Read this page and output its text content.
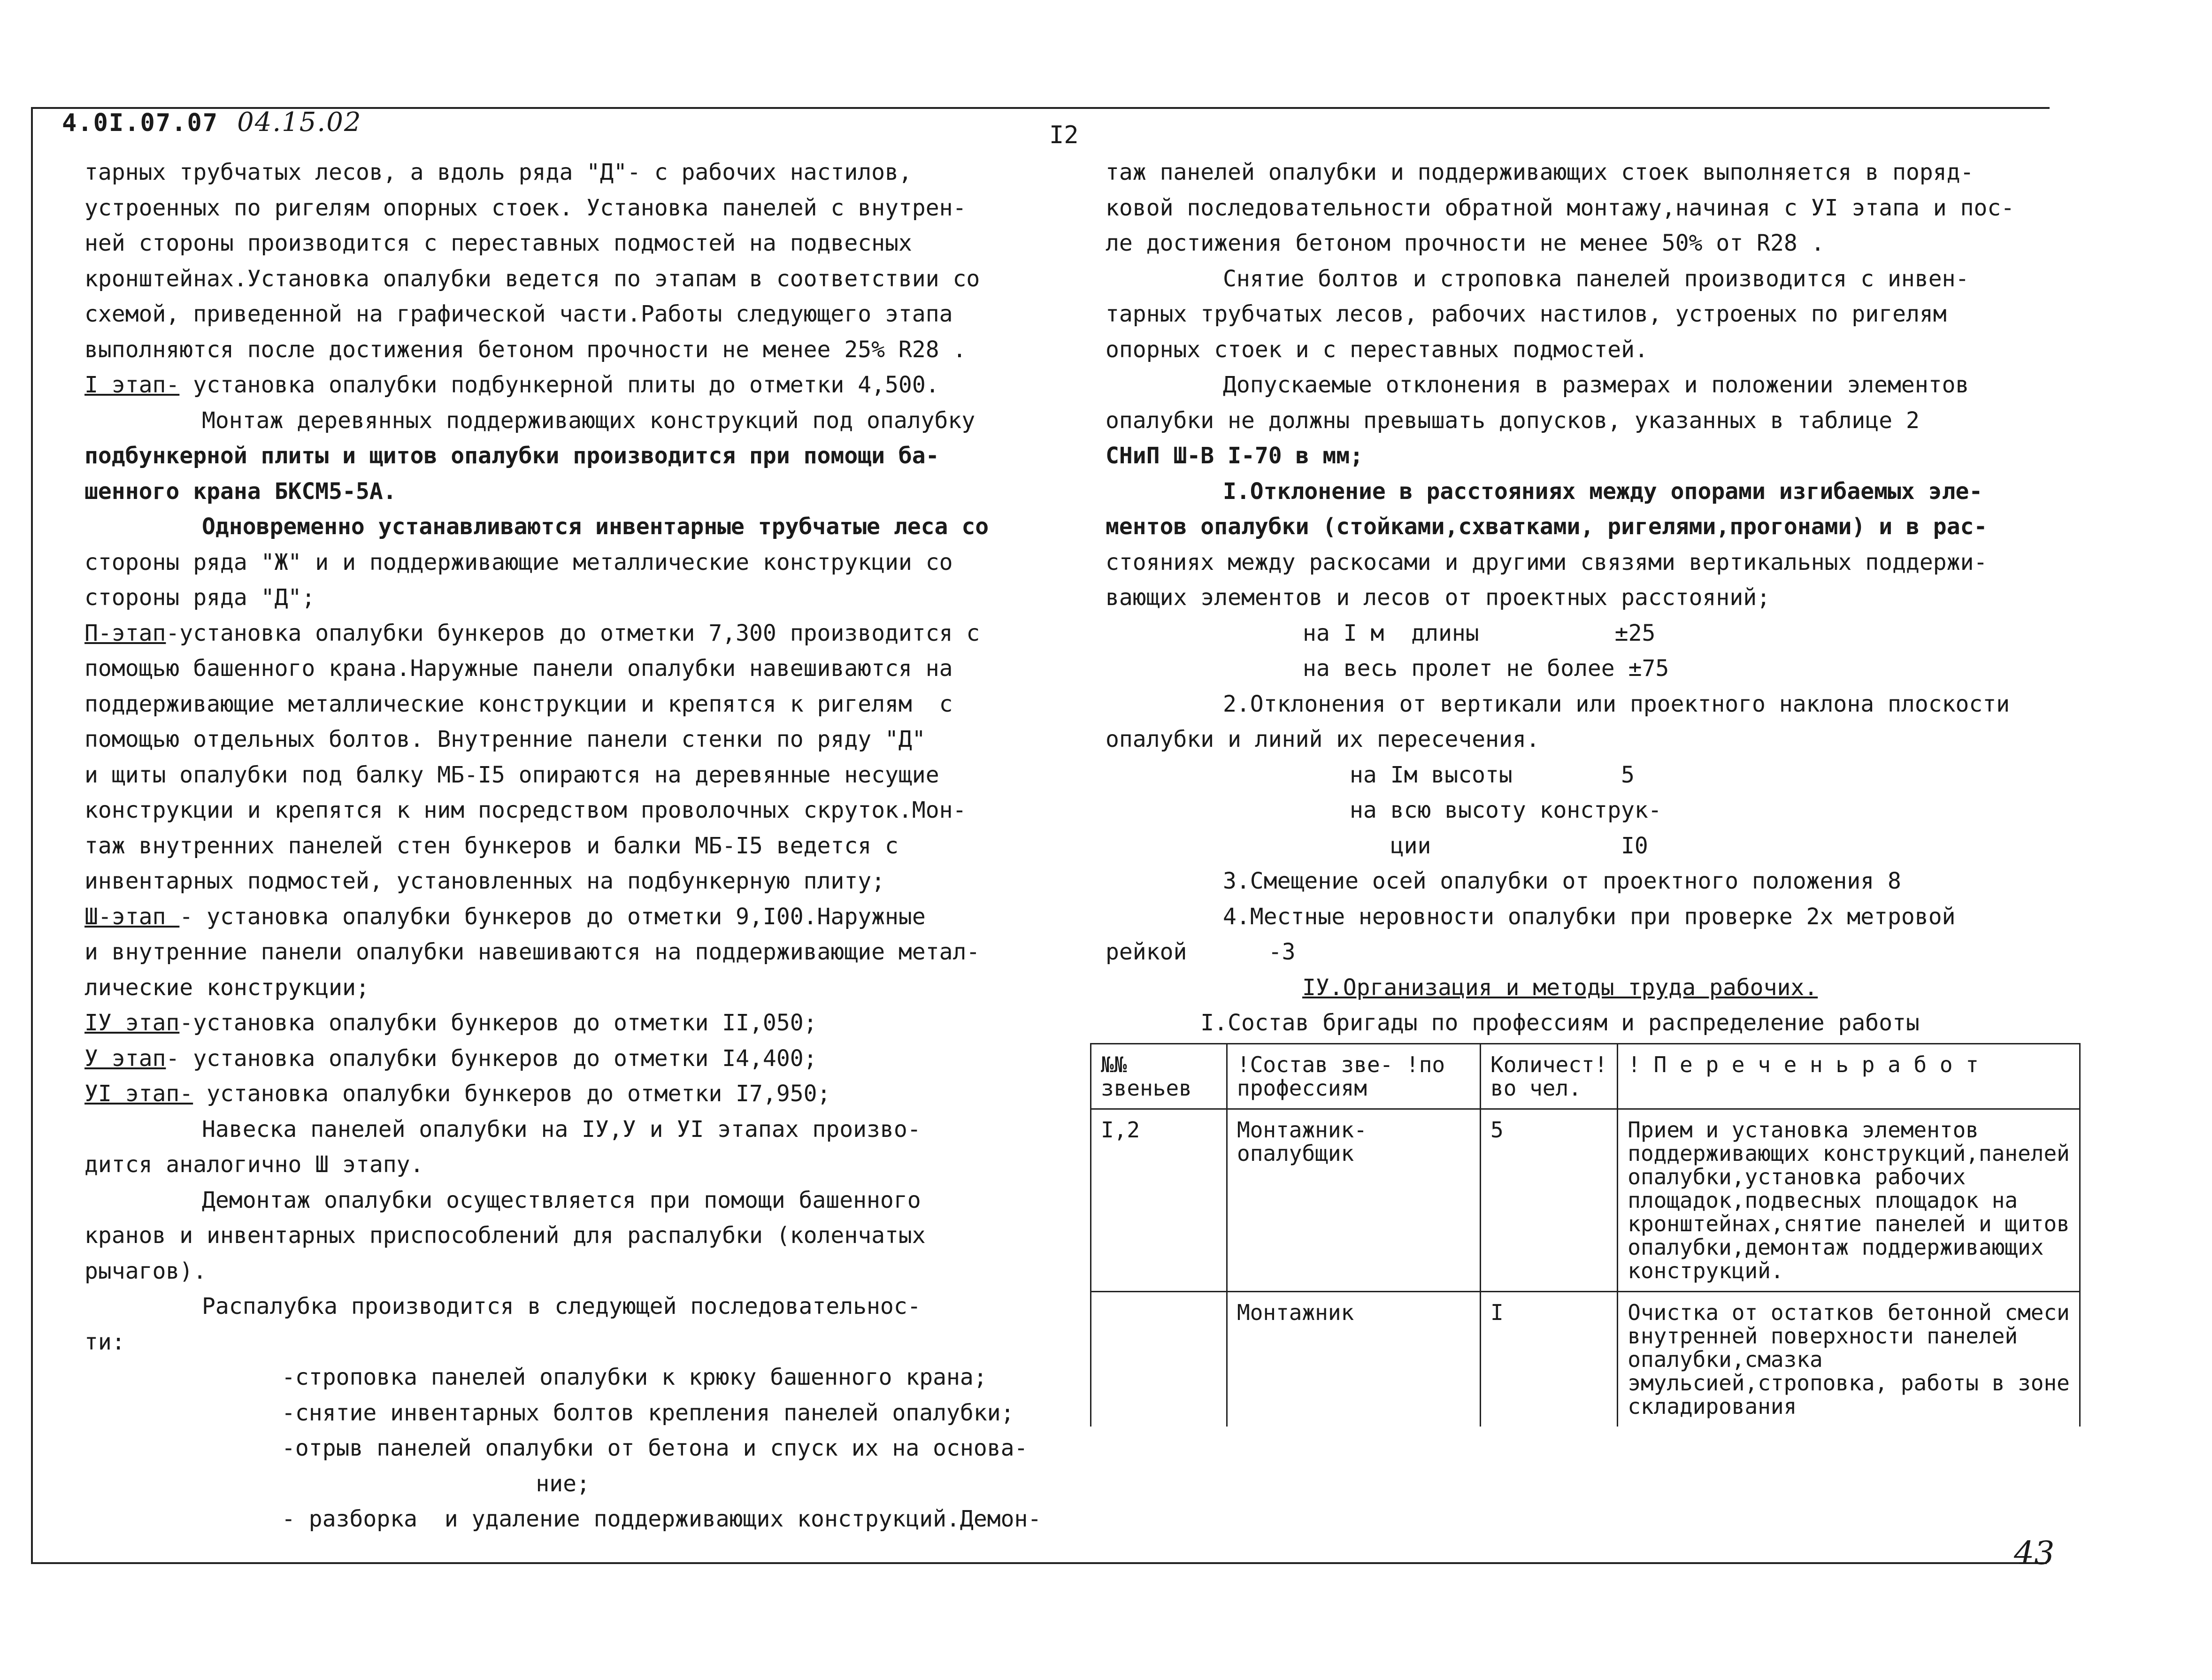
4.0I.07.07 04.15.02	I2
тарных трубчатых лесов, а вдоль ряда "Д"- с рабочих настилов,
устроенных по ригелям опорных стоек. Установка панелей с внутрен-
ней стороны производится с переставных подмостей на подвесных
кронштейнах.Установка опалубки ведется по этапам в соответствии со
схемой, приведенной на графической части.Работы следующего этапа
выполняются после достижения бетоном прочности не менее 25% R28 .
I этап- установка опалубки подбункерной плиты до отметки 4,500.
Монтаж деревянных поддерживающих конструкций под опалубку
подбункерной плиты и щитов опалубки производится при помощи ба-
шенного крана БКСМ5-5А.
Одновременно устанавливаются инвентарные трубчатые леса со
стороны ряда "Ж" и и поддерживающие металлические конструкции со
стороны ряда "Д";
П-этап-установка опалубки бункеров до отметки 7,300 производится с
помощью башенного крана.Наружные панели опалубки навешиваются на
поддерживающие металлические конструкции и крепятся к ригелям  с
помощью отдельных болтов. Внутренние панели стенки по ряду "Д"
и щиты опалубки под балку МБ-I5 опираются на деревянные несущие
конструкции и крепятся к ним посредством проволочных скруток.Мон-
таж внутренних панелей стен бункеров и балки МБ-I5 ведется с
инвентарных подмостей, установленных на подбункерную плиту;
Ш-этап - установка опалубки бункеров до отметки 9,I00.Наружные
и внутренние панели опалубки навешиваются на поддерживающие метал-
лические конструкции;
IУ этап-установка опалубки бункеров до отметки II,050;
У этап- установка опалубки бункеров до отметки I4,400;
УI этап- установка опалубки бункеров до отметки I7,950;
Навеска панелей опалубки на IУ,У и УI этапах произво-
дится аналогично Ш этапу.
Демонтаж опалубки осуществляется при помощи башенного
кранов и инвентарных приспособлений для распалубки (коленчатых
рычагов).
Распалубка производится в следующей последовательнос-
ти:
-строповка панелей опалубки к крюку башенного крана;
-снятие инвентарных болтов крепления панелей опалубки;
-отрыв панелей опалубки от бетона и спуск их на основа-
ние;
- разборка  и удаление поддерживающих конструкций.Демон-
таж панелей опалубки и поддерживающих стоек выполняется в поряд-
ковой последовательности обратной монтажу,начиная с УI этапа и пос-
ле достижения бетоном прочности не менее 50% от R28 .
Снятие болтов и строповка панелей производится с инвен-
тарных трубчатых лесов, рабочих настилов, устроеных по ригелям
опорных стоек и с переставных подмостей.
Допускаемые отклонения в размерах и положении элементов
опалубки не должны превышать допусков, указанных в таблице 2
СНиП Ш-В I-70 в мм;
I.Отклонение в расстояниях между опорами изгибаемых эле-
ментов опалубки (стойками,схватками, ригелями,прогонами) и в рас-
стояниях между раскосами и другими связями вертикальных поддержи-
вающих элементов и лесов от проектных расстояний;
на I м  длины          ±25
на весь пролет не более ±75
2.Отклонения от вертикали или проектного наклона плоскости
опалубки и линий их пересечения.
на Iм высоты        5
на всю высоту конструк-
ции              I0
3.Смещение осей опалубки от проектного положения 8
4.Местные неровности опалубки при проверке 2х метровой
рейкой      -3
IУ.Организация и методы труда рабочих.
I.Состав бригады по профессиям и распределение работы
№№ звеньев	!Состав зве- !по профессиям	Количест! во чел.	! П е р е ч е н ь р а б о т
I,2	Монтажник-опалубщик	5	Прием и установка элементов поддерживающих конструкций,панелей опалубки,установка рабочих площадок,подвесных площадок на кронштейнах,снятие панелей и щитов опалубки,демонтаж поддерживающих конструкций.
	Монтажник	I	Очистка от остатков бетонной смеси внутренней поверхности панелей опалубки,смазка эмульсией,строповка, работы в зоне складирования
43
